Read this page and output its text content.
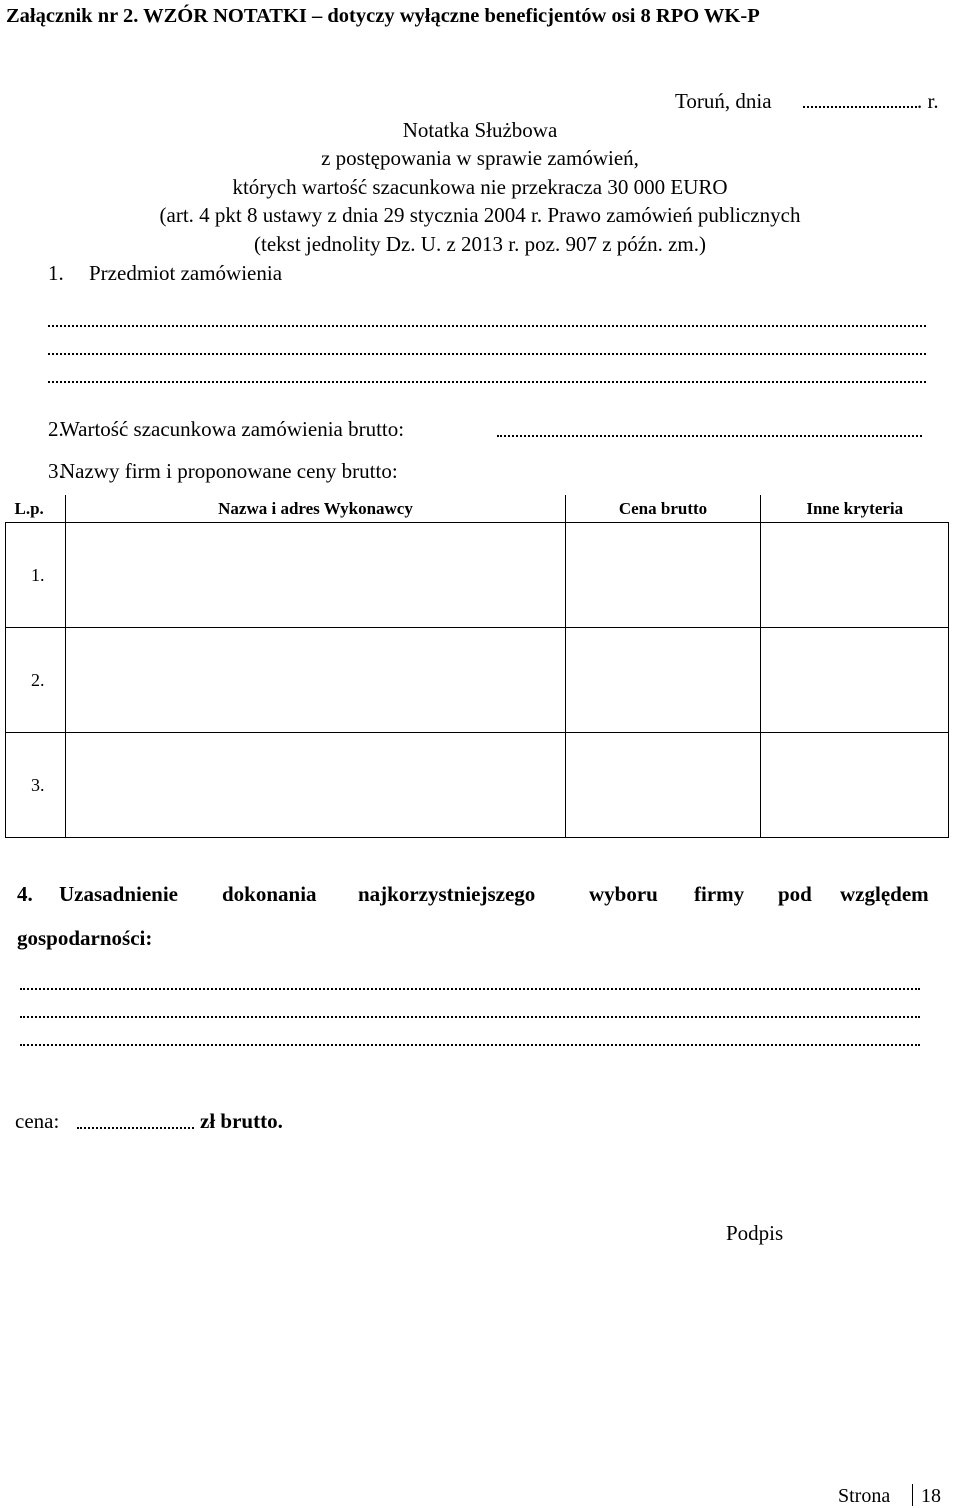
Załącznik nr 2. WZÓR NOTATKI – dotyczy wyłączne beneficjentów osi 8 RPO WK-P
Toruń, dnia	. r.
Notatka Służbowa
z postępowania w sprawie zamówień,
których wartość szacunkowa nie przekracza 30 000 EURO
(art. 4 pkt 8 ustawy z dnia 29 stycznia 2004 r. Prawo zamówień publicznych
(tekst jednolity Dz. U. z 2013 r. poz. 907 z późn. zm.)
1. Przedmiot zamówienia
2.
Wartość szacunkowa zamówienia brutto:
3.
Nazwy firm i proponowane ceny brutto:
L.p.	Nazwa i adres Wykonawcy	Cena brutto	Inne kryteria
1.			
2.			
3.			
4. Uzasadnienie dokonania najkorzystniejszego	wyboru firmy pod względem
gospodarności:
cena:	zł brutto.
Podpis
Strona 18
